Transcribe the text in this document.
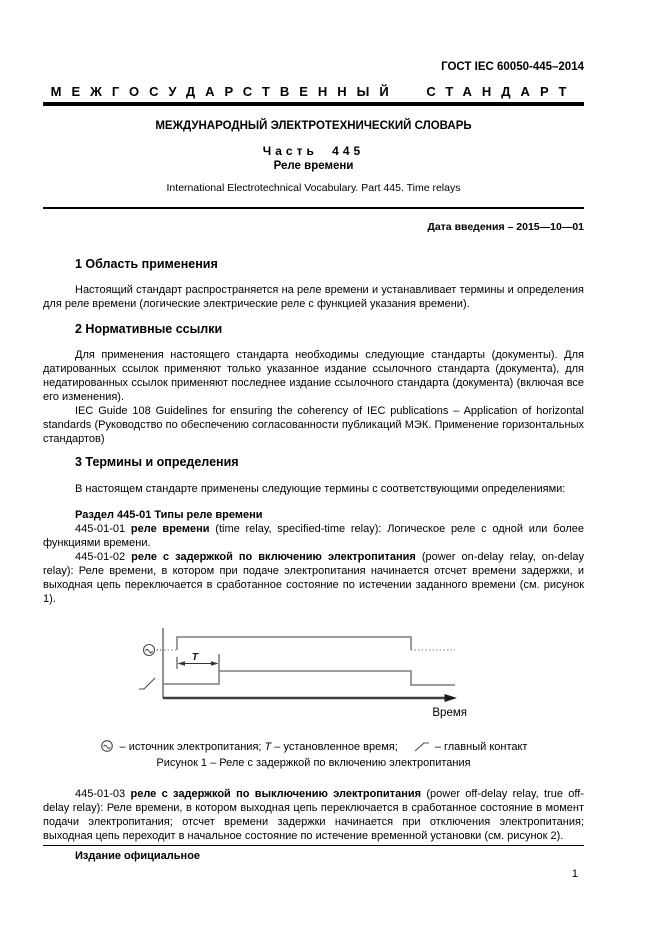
ГОСТ IEC 60050-445–2014
МЕЖГОСУДАРСТВЕННЫЙ СТАНДАРТ
МЕЖДУНАРОДНЫЙ ЭЛЕКТРОТЕХНИЧЕСКИЙ СЛОВАРЬ
Часть 445
Реле времени
International Electrotechnical Vocabulary. Part 445. Time relays
Дата введения – 2015—10—01
1 Область применения

Настоящий стандарт распространяется на реле времени и устанавливает термины и определения для реле времени (логические электрические реле с функцией указания времени).

2 Нормативные ссылки

Для применения настоящего стандарта необходимы следующие стандарты (документы). Для датированных ссылок применяют только указанное издание ссылочного стандарта (документа), для недатированных ссылок применяют последнее издание ссылочного стандарта (документа) (включая все его изменения).

IEC Guide 108 Guidelines for ensuring the coherency of IEC publications – Application of horizontal standards (Руководство по обеспечению согласованности публикаций МЭК. Применение горизонтальных стандартов)

3 Термины и определения

В настоящем стандарте применены следующие термины с соответствующими определениями:

Раздел 445-01 Типы реле времени

445-01-01 реле времени (time relay, specified-time relay): Логическое реле с одной или более функциями времени.

445-01-02 реле с задержкой по включению электропитания (power on-delay relay, on-delay relay): Реле времени, в котором при подаче электропитания начинается отсчет времени задержки, и выходная цепь переключается в сработанное состояние по истечении заданного времени (см. рисунок 1).

T
Время
– источник электропитания; T – установленное время;	– главный контакт
Рисунок 1 – Реле с задержкой по включению электропитания

445-01-03 реле с задержкой по выключению электропитания (power off-delay relay, true off-delay relay): Реле времени, в котором выходная цепь переключается в сработанное состояние в момент подачи электропитания; отсчет времени задержки начинается при отключения электропитания; выходная цепь переходит в начальное состояние по истечение временной установки (см. рисунок 2).

Издание официальное
1
